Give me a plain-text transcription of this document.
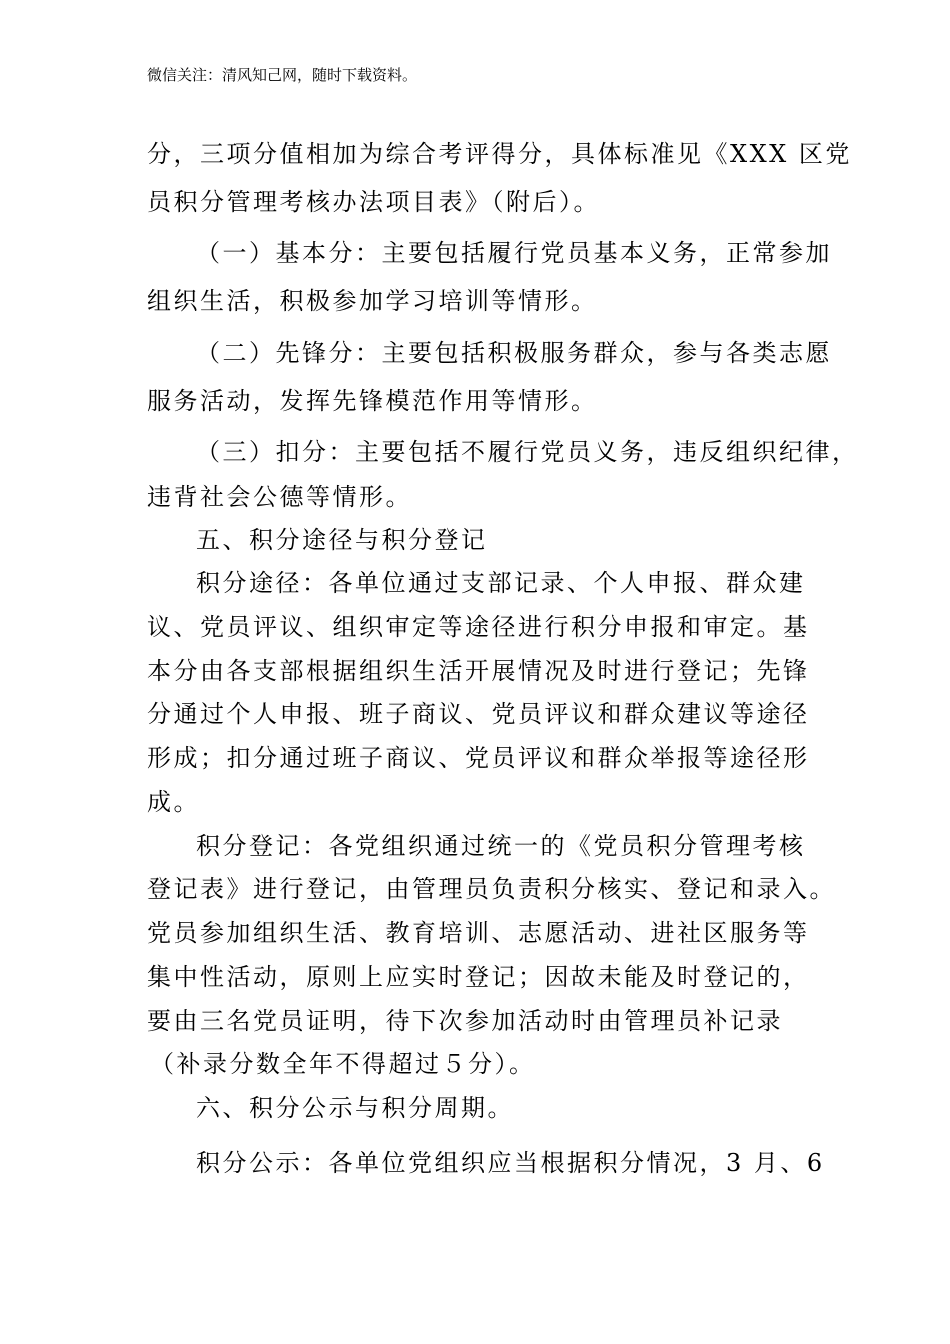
微信关注：清风知己网，随时下载资料。
分，三项分值相加为综合考评得分，具体标准见《XXX 区党
员积分管理考核办法项目表》（附后）。
（一）基本分：主要包括履行党员基本义务，正常参加
组织生活，积极参加学习培训等情形。
（二）先锋分：主要包括积极服务群众，参与各类志愿
服务活动，发挥先锋模范作用等情形。
（三）扣分：主要包括不履行党员义务，违反组织纪律，
违背社会公德等情形。
五、积分途径与积分登记
积分途径：各单位通过支部记录、个人申报、群众建
议、党员评议、组织审定等途径进行积分申报和审定。基
本分由各支部根据组织生活开展情况及时进行登记；先锋
分通过个人申报、班子商议、党员评议和群众建议等途径
形成；扣分通过班子商议、党员评议和群众举报等途径形
成。
积分登记：各党组织通过统一的《党员积分管理考核
登记表》进行登记，由管理员负责积分核实、登记和录入。
党员参加组织生活、教育培训、志愿活动、进社区服务等
集中性活动，原则上应实时登记；因故未能及时登记的，
要由三名党员证明，待下次参加活动时由管理员补记录
（补录分数全年不得超过５分）。
六、积分公示与积分周期。
积分公示：各单位党组织应当根据积分情况，3 月、6
